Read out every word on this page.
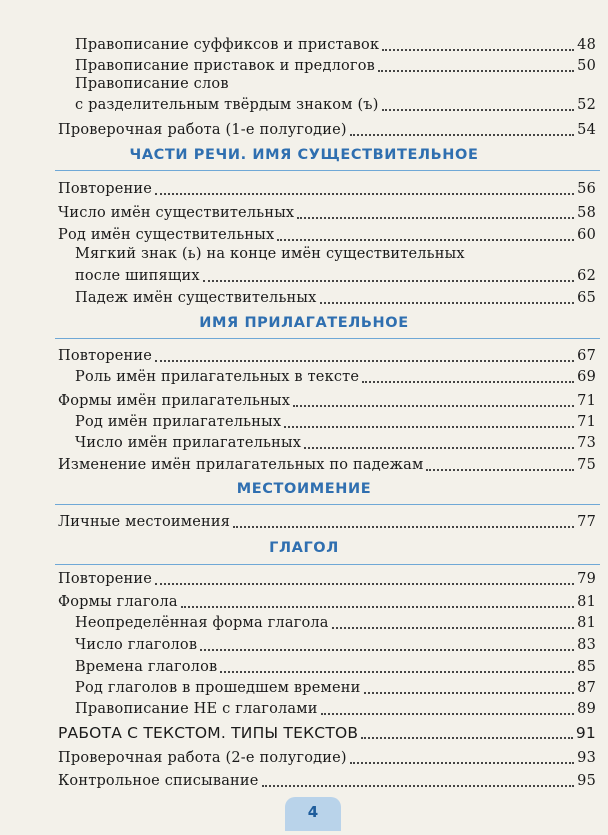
Правописание суффиксов и приставок	48
Правописание приставок и предлогов	50
Правописание слов
с разделительным твёрдым знаком (ъ)	52
Проверочная работа (1-е полугодие)	54
ЧАСТИ РЕЧИ. ИМЯ СУЩЕСТВИТЕЛЬНОЕ
Повторение	56
Число имён существительных	58
Род имён существительных	60
Мягкий знак (ь) на конце имён существительных
после шипящих	62
Падеж имён существительных	65
ИМЯ ПРИЛАГАТЕЛЬНОЕ
Повторение	67
Роль имён прилагательных в тексте	69
Формы имён прилагательных	71
Род имён прилагательных	71
Число имён прилагательных	73
Изменение имён прилагательных по падежам	75
МЕСТОИМЕНИЕ
Личные местоимения	77
ГЛАГОЛ
Повторение	79
Формы глагола	81
Неопределённая форма глагола	81
Число глаголов	83
Времена глаголов	85
Род глаголов в прошедшем времени	87
Правописание НЕ с глаголами	89
РАБОТА С ТЕКСТОМ. ТИПЫ ТЕКСТОВ	91
Проверочная работа (2-е полугодие)	93
Контрольное списывание	95
4
